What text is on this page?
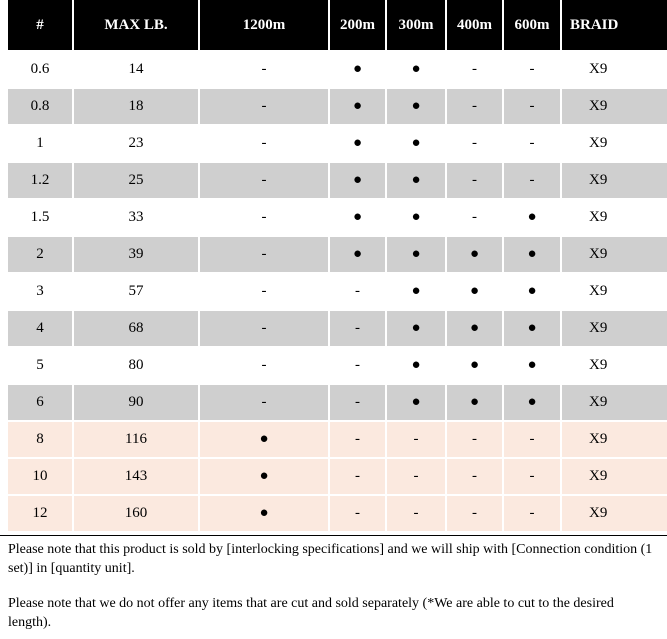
#	MAX LB.	1200m	200m	300m	400m	600m	BRAID
0.6	14	-	●	●	-	-	X9
0.8	18	-	●	●	-	-	X9
1	23	-	●	●	-	-	X9
1.2	25	-	●	●	-	-	X9
1.5	33	-	●	●	-	●	X9
2	39	-	●	●	●	●	X9
3	57	-	-	●	●	●	X9
4	68	-	-	●	●	●	X9
5	80	-	-	●	●	●	X9
6	90	-	-	●	●	●	X9
8	116	●	-	-	-	-	X9
10	143	●	-	-	-	-	X9
12	160	●	-	-	-	-	X9

Please note that this product is sold by [interlocking specifications] and we will ship with [Connection condition (1 set)] in [quantity unit].

Please note that we do not offer any items that are cut and sold separately (*We are able to cut to the desired length).
